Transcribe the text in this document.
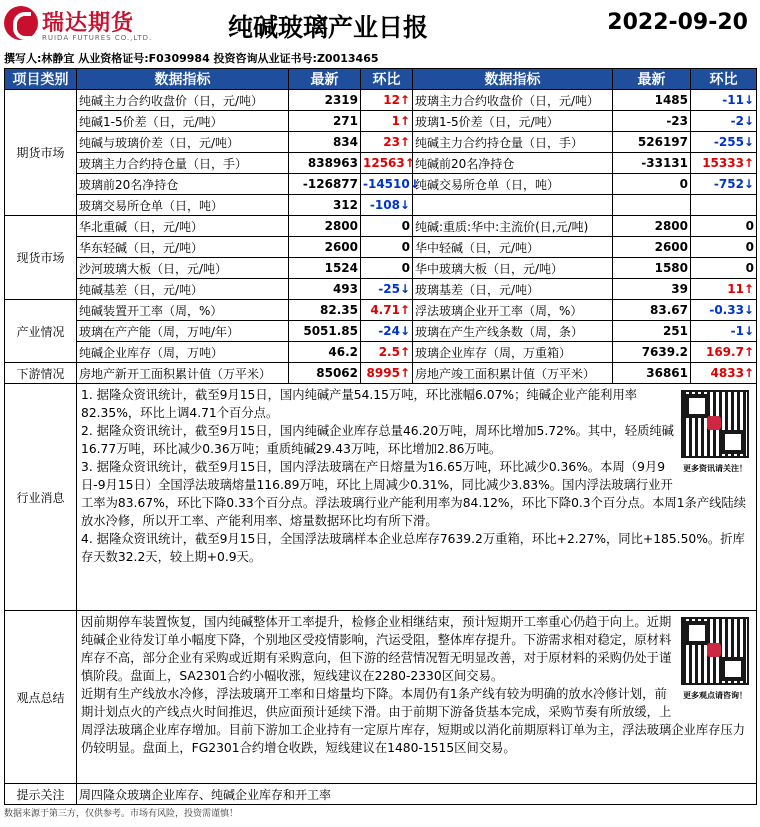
瑞达期货
RUIDA FUTURES CO.,LTD.	纯碱玻璃产业日报	2022-09-20
撰写人:林静宜 从业资格证号:F0309984 投资咨询从业证书号:Z0013465
项目类别	数据指标	最新	环比	数据指标	最新	环比
期货市场	纯碱主力合约收盘价（日，元/吨）	2319	12↑	玻璃主力合约收盘价（日，元/吨）	1485	-11↓
	纯碱1-5价差（日，元/吨）	271	1↑	玻璃1-5价差（日，元/吨）	-23	-2↓
	纯碱与玻璃价差（日，元/吨）	834	23↑	纯碱主力合约持仓量（日，手）	526197	-255↓
	玻璃主力合约持仓量（日，手）	838963	12563↑	纯碱前20名净持仓	-33131	15333↑
	玻璃前20名净持仓	-126877	-14510↓	纯碱交易所仓单（日，吨）	0	-752↓
	玻璃交易所仓单（日，吨）	312	-108↓			
现货市场	华北重碱（日，元/吨）	2800	0	纯碱:重质:华中:主流价(日,元/吨)	2800	0
	华东轻碱（日，元/吨）	2600	0	华中轻碱（日，元/吨）	2600	0
	沙河玻璃大板（日，元/吨）	1524	0	华中玻璃大板（日，元/吨）	1580	0
	纯碱基差（日，元/吨）	493	-25↓	玻璃基差（日，元/吨）	39	11↑
产业情况	纯碱装置开工率（周，%）	82.35	4.71↑	浮法玻璃企业开工率（周，%）	83.67	-0.33↓
	玻璃在产产能（周，万吨/年）	5051.85	-24↓	玻璃在产生产线条数（周，条）	251	-1↓
	纯碱企业库存（周，万吨）	46.2	2.5↑	玻璃企业库存（周，万重箱）	7639.2	169.7↑
下游情况	房地产新开工面积累计值（万平米）	85062	8995↑	房地产竣工面积累计值（万平米）	36861	4833↑
行业消息	更多资讯请关注！

1. 据隆众资讯统计，截至9月15日，国内纯碱产量54.15万吨，环比涨幅6.07%；纯碱企业产能利用率82.35%，环比上调4.71个百分点。

2. 据隆众资讯统计，截至9月15日，国内纯碱企业库存总量46.20万吨，周环比增加5.72%。其中，轻质纯碱16.77万吨，环比减少0.36万吨；重质纯碱29.43万吨，环比增加2.86万吨。

3. 据隆众资讯统计，截至9月15日，国内浮法玻璃在产日熔量为16.65万吨，环比减少0.36%。本周（9月9日-9月15日）全国浮法玻璃熔量116.89万吨，环比上周减少0.31%，同比减少3.83%。国内浮法玻璃行业开工率为83.67%，环比下降0.33个百分点。浮法玻璃行业产能利用率为84.12%，环比下降0.3个百分点。本周1条产线陆续放水冷修，所以开工率、产能利用率、熔量数据环比均有所下滑。

4. 据隆众资讯统计，截至9月15日，全国浮法玻璃样本企业总库存7639.2万重箱，环比+2.27%，同比+185.50%。折库存天数32.2天，较上期+0.9天。					

观点总结	更多观点请咨询！

因前期停车装置恢复，国内纯碱整体开工率提升，检修企业相继结束，预计短期开工率重心仍趋于向上。近期纯碱企业待发订单小幅度下降，个别地区受疫情影响，汽运受阻，整体库存提升。下游需求相对稳定，原材料库存不高，部分企业有采购或近期有采购意向，但下游的经营情况暂无明显改善，对于原材料的采购仍处于谨慎阶段。盘面上，SA2301合约小幅收涨，短线建议在2280-2330区间交易。

近期有生产线放水冷修，浮法玻璃开工率和日熔量均下降。本周仍有1条产线有较为明确的放水冷修计划，前期计划点火的产线点火时间推迟，供应面预计延续下滑。由于前期下游备货基本完成，采购节奏有所放缓，上周浮法玻璃企业库存增加。目前下游加工企业持有一定原片库存，短期或以消化前期原料订单为主，浮法玻璃企业库存压力仍较明显。盘面上，FG2301合约增仓收跌，短线建议在1480-1515区间交易。					

提示关注	周四隆众玻璃企业库存、纯碱企业库存和开工率					
数据来源于第三方，仅供参考。市场有风险，投资需谨慎！
